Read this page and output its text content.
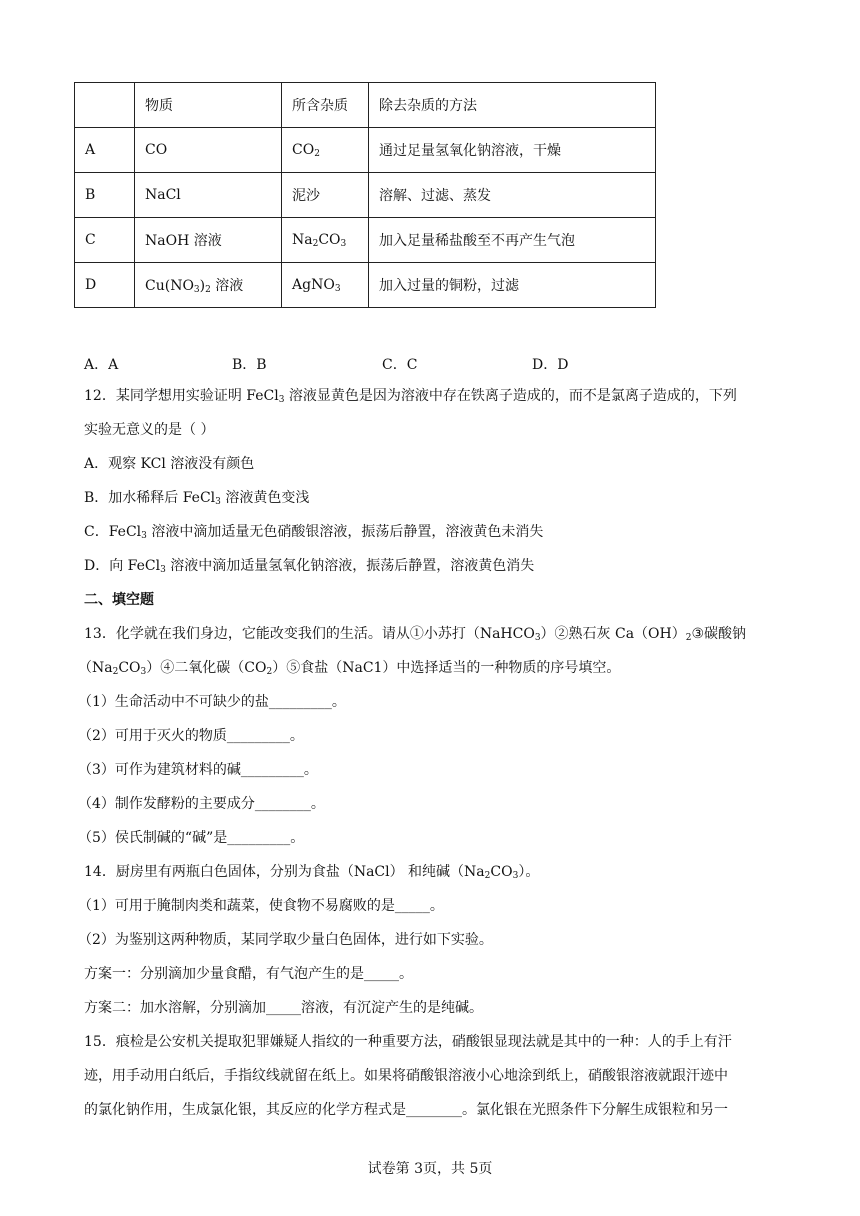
	物质	所含杂质	除去杂质的方法
A	CO	$CO_2$	通过足量氢氧化钠溶液，干燥
B	NaCl	泥沙	溶解、过滤、蒸发
C	NaOH 溶液	$Na_2CO_3$	加入足量稀盐酸至不再产生气泡
D	$Cu(NO_3)_2$ 溶液	AgNO$_3$	加入过量的铜粉，过滤
A．A	B．B	C．C	D．D
12．某同学想用实验证明 FeCl$_3$ 溶液显黄色是因为溶液中存在铁离子造成的，而不是氯离子造成的，下列
实验无意义的是（ ）
A．观察 KCl 溶液没有颜色
B．加水稀释后 FeCl$_3$ 溶液黄色变浅
C．FeCl$_3$ 溶液中滴加适量无色硝酸银溶液，振荡后静置，溶液黄色未消失
D．向 FeCl$_3$ 溶液中滴加适量氢氧化钠溶液，振荡后静置，溶液黄色消失
二、填空题
13．化学就在我们身边，它能改变我们的生活。请从①小苏打（NaHCO$_3$）②熟石灰 $Ca(OH)_2③$碳酸钠
$(Na_2CO_3)④$二氧化碳$(CO_2)⑤$食盐（NaC1）中选择适当的一种物质的序号填空。
（1）生命活动中不可缺少的盐_________。
（2）可用于灭火的物质_________。
（3）可作为建筑材料的碱_________。
（4）制作发酵粉的主要成分________。
（5）侯氏制碱的“碱”是_________。
14．厨房里有两瓶白色固体，分别为食盐（NaCl） 和纯碱$(Na_2CO_3)$。
（1）可用于腌制肉类和蔬菜，使食物不易腐败的是_____。
（2）为鉴别这两种物质，某同学取少量白色固体，进行如下实验。
方案一：分别滴加少量食醋，有气泡产生的是_____。
方案二：加水溶解，分别滴加_____溶液，有沉淀产生的是纯碱。
15．痕检是公安机关提取犯罪嫌疑人指纹的一种重要方法，硝酸银显现法就是其中的一种：人的手上有汗
迹，用手动用白纸后，手指纹线就留在纸上。如果将硝酸银溶液小心地涂到纸上，硝酸银溶液就跟汗迹中
的氯化钠作用，生成氯化银，其反应的化学方程式是________。氯化银在光照条件下分解生成银粒和另一
试卷第 3页，共 5页
